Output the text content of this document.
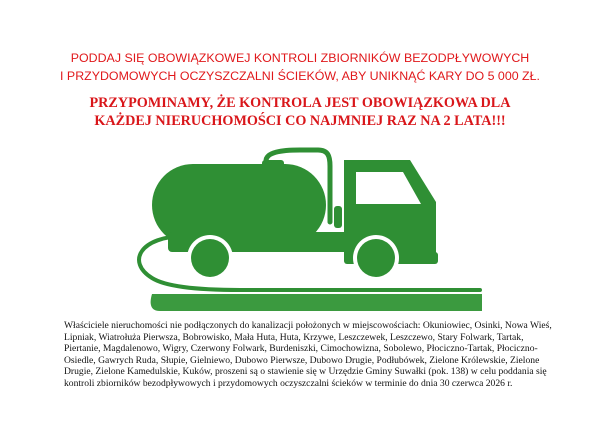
PODDAJ SIĘ OBOWIĄZKOWEJ KONTROLI ZBIORNIKÓW BEZODPŁYWOWYCH
I PRZYDOMOWYCH OCZYSZCZALNI ŚCIEKÓW, ABY UNIKNĄĆ KARY DO 5 000 ZŁ.
PRZYPOMINAMY, ŻE KONTROLA JEST OBOWIĄZKOWA DLA
KAŻDEJ NIERUCHOMOŚCI CO NAJMNIEJ RAZ NA 2 LATA!!!
Właściciele nieruchomości nie podłączonych do kanalizacji położonych w miejscowościach: Okuniowiec, Osinki, Nowa Wieś, Lipniak, Wiatrołuża Pierwsza, Bobrowisko, Mała Huta, Huta, Krzywe, Leszczewek, Leszczewo, Stary Folwark, Tartak, Piertanie, Magdalenowo, Wigry, Czerwony Folwark, Burdeniszki, Cimochowizna, Sobolewo, Płociczno-Tartak, Płociczno-Osiedle, Gawrych Ruda, Słupie, Gielniewo, Dubowo Pierwsze, Dubowo Drugie, Podłubówek, Zielone Królewskie, Zielone Drugie, Zielone Kamedulskie, Kuków, proszeni są o stawienie się w Urzędzie Gminy Suwałki (pok. 138) w celu poddania się kontroli zbiorników bezodpływowych i przydomowych oczyszczalni ścieków w terminie do dnia 30 czerwca 2026 r.
